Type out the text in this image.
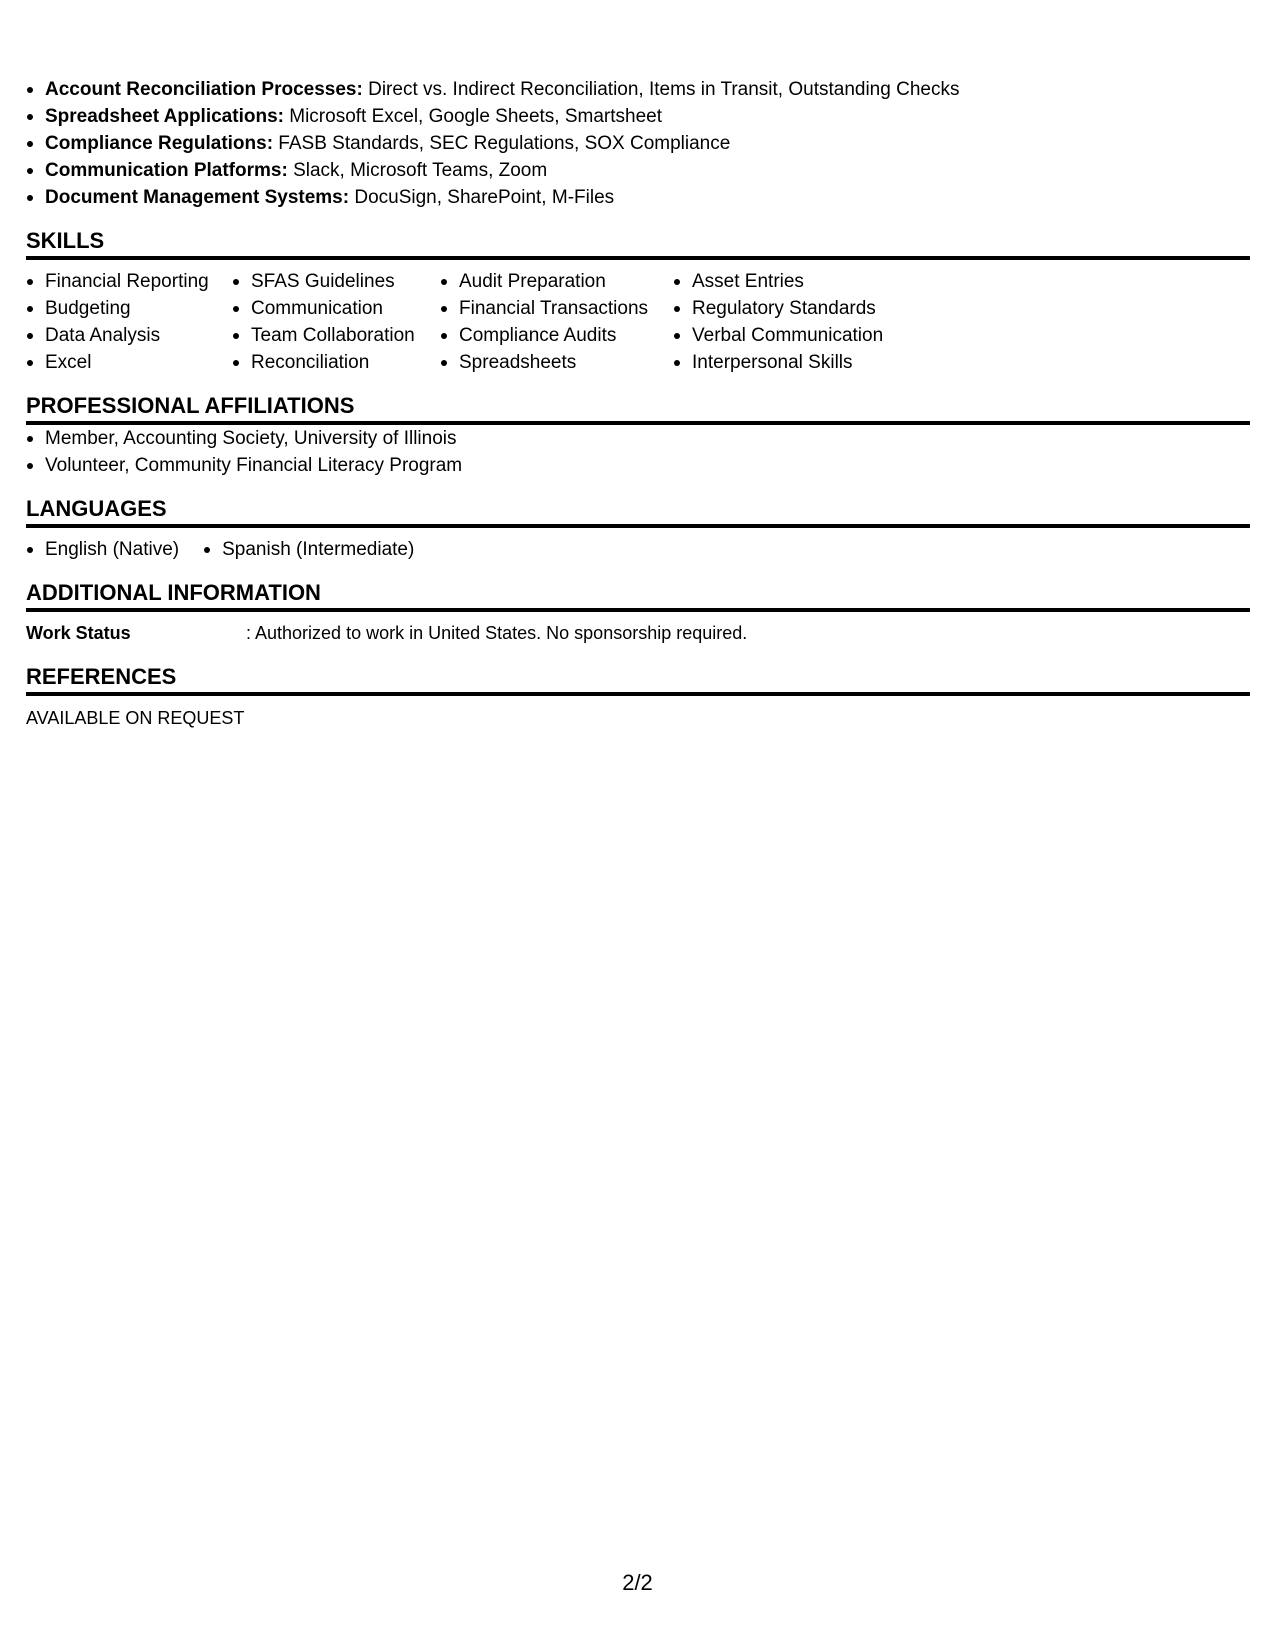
Account Reconciliation Processes: Direct vs. Indirect Reconciliation, Items in Transit, Outstanding Checks
Spreadsheet Applications: Microsoft Excel, Google Sheets, Smartsheet
Compliance Regulations: FASB Standards, SEC Regulations, SOX Compliance
Communication Platforms: Slack, Microsoft Teams, Zoom
Document Management Systems: DocuSign, SharePoint, M-Files
SKILLS
Financial Reporting
Budgeting
Data Analysis
Excel
SFAS Guidelines
Communication
Team Collaboration
Reconciliation
Audit Preparation
Financial Transactions
Compliance Audits
Spreadsheets
Asset Entries
Regulatory Standards
Verbal Communication
Interpersonal Skills
PROFESSIONAL AFFILIATIONS
Member, Accounting Society, University of Illinois
Volunteer, Community Financial Literacy Program
LANGUAGES
English (Native)	Spanish (Intermediate)
ADDITIONAL INFORMATION
Work Status	: Authorized to work in United States. No sponsorship required.
REFERENCES
AVAILABLE ON REQUEST
2/2
